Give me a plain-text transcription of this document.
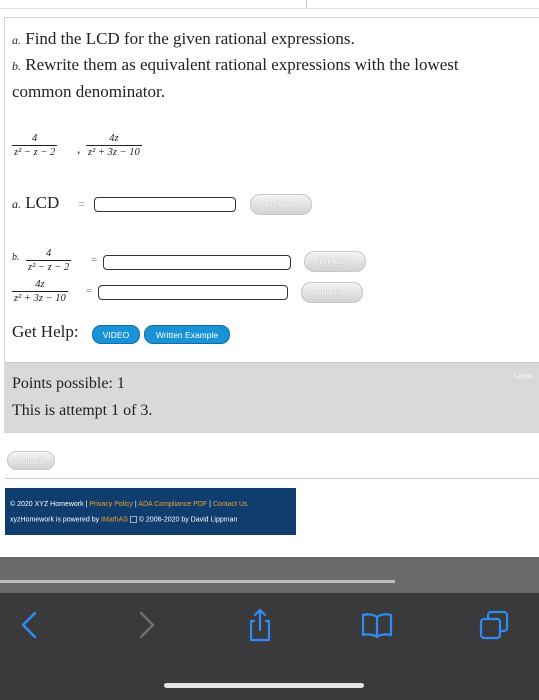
a. Find the LCD for the given rational expressions.
b. Rewrite them as equivalent rational expressions with the lowest
common denominator.
$\frac{4}{\text{z² − z − 2}}$ , $\frac{4z}{\text{z² + 3z − 10}}$
a. LCD =	Preview
b. $\frac{4}{\text{z² − z − 2}}$ =	Preview
$\frac{4z}{\text{z² + 3z − 10}}$ =	Preview
Get Help:	VIDEO	Written Example
Points possible: 1
This is attempt 1 of 3.
Licens
Submit
© 2020 XYZ Homework | Privacy Policy | ADA Compliance PDF | Contact Us
xyzHomework is powered by IMathAS © 2006-2020 by David Lippman
